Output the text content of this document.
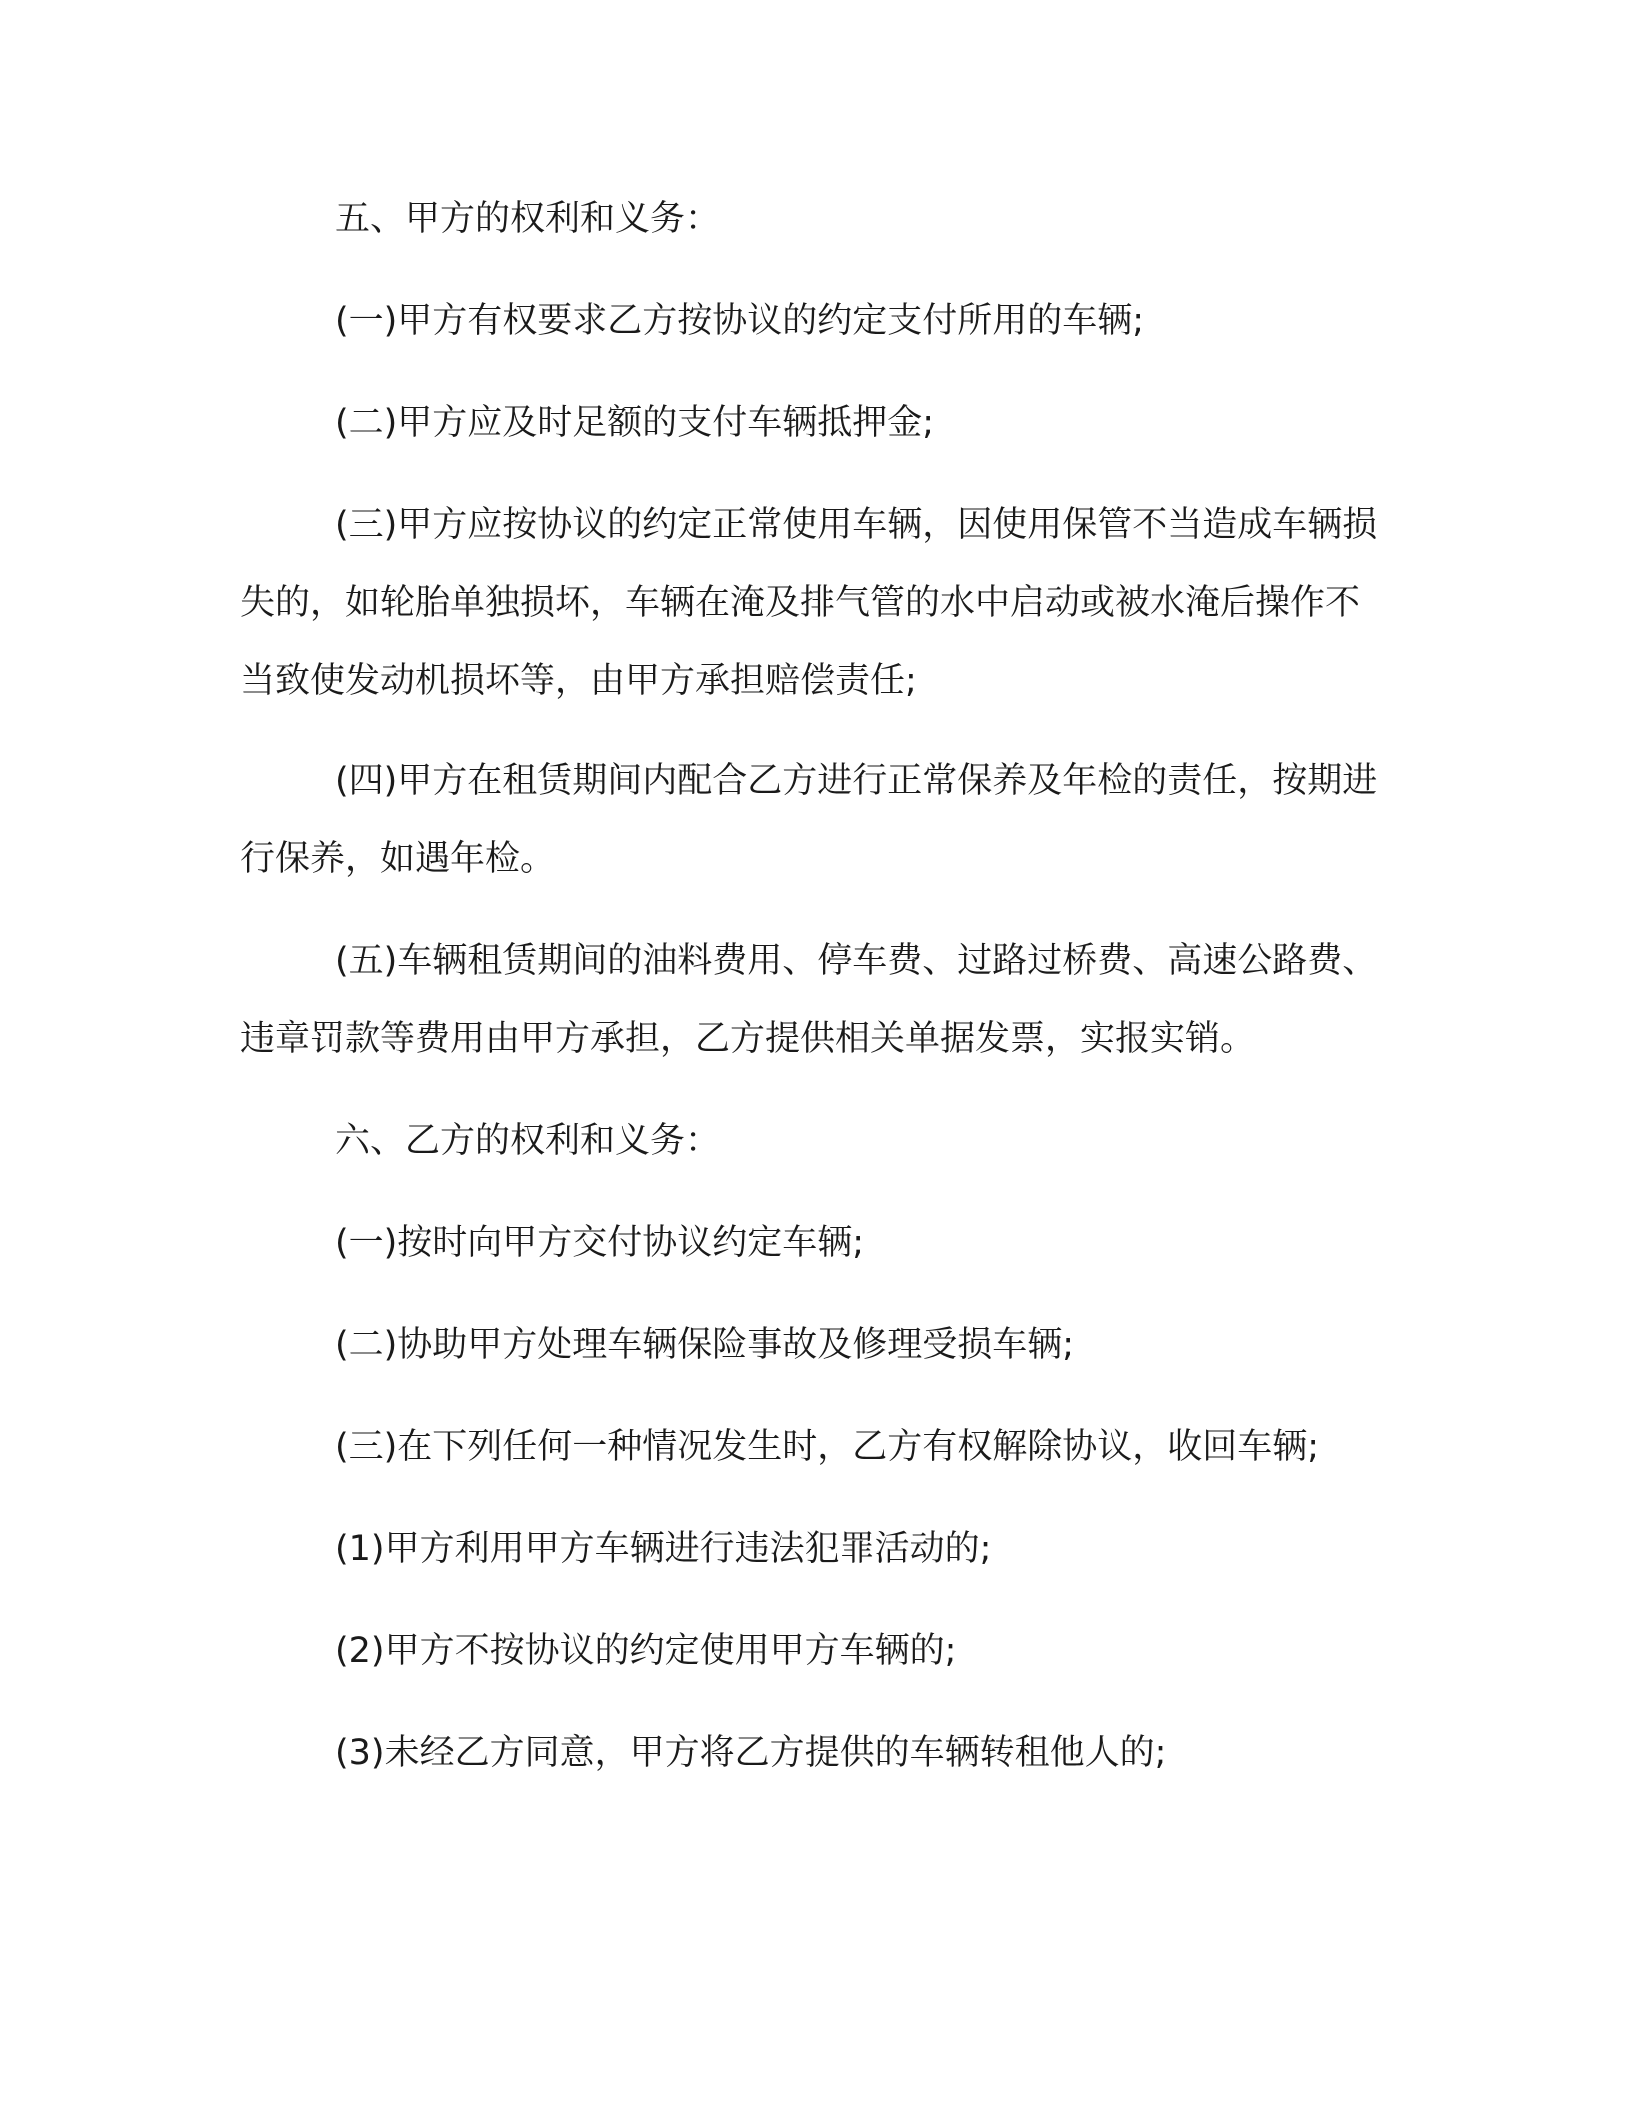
五、甲方的权利和义务：

(一)甲方有权要求乙方按协议的约定支付所用的车辆;

(二)甲方应及时足额的支付车辆抵押金;

(三)甲方应按协议的约定正常使用车辆，因使用保管不当造成车辆损失的，如轮胎单独损坏，车辆在淹及排气管的水中启动或被水淹后操作不当致使发动机损坏等，由甲方承担赔偿责任;

(四)甲方在租赁期间内配合乙方进行正常保养及年检的责任，按期进行保养，如遇年检。

(五)车辆租赁期间的油料费用、停车费、过路过桥费、高速公路费、违章罚款等费用由甲方承担，乙方提供相关单据发票，实报实销。

六、乙方的权利和义务：

(一)按时向甲方交付协议约定车辆;

(二)协助甲方处理车辆保险事故及修理受损车辆;

(三)在下列任何一种情况发生时，乙方有权解除协议，收回车辆;

(1)甲方利用甲方车辆进行违法犯罪活动的;

(2)甲方不按协议的约定使用甲方车辆的;

(3)未经乙方同意，甲方将乙方提供的车辆转租他人的;
